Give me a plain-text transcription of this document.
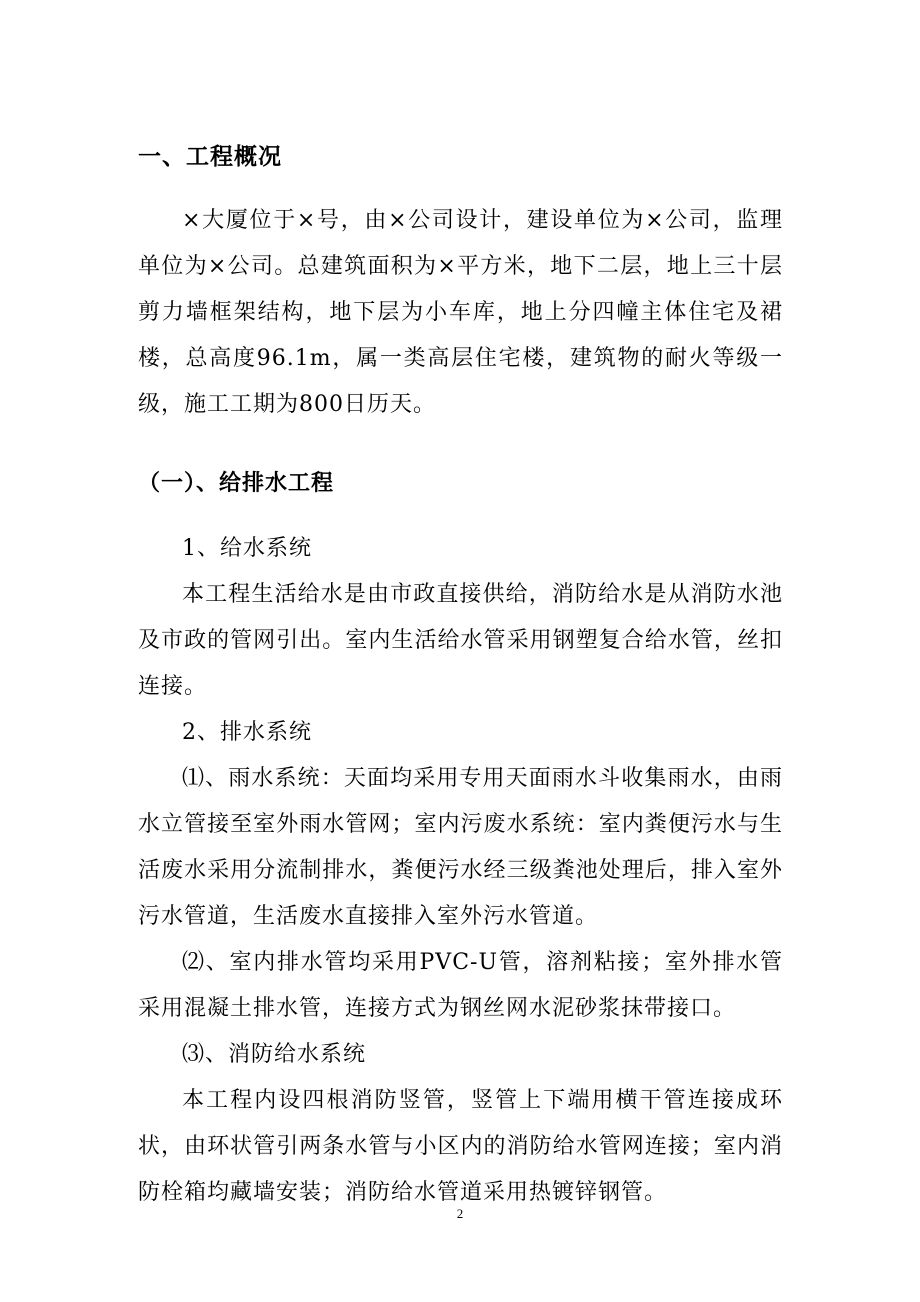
一、工程概况

×大厦位于×号，由×公司设计，建设单位为×公司，监理单位为×公司。总建筑面积为×平方米，地下二层，地上三十层剪力墙框架结构，地下层为小车库，地上分四幢主体住宅及裙楼，总高度96.1m，属一类高层住宅楼，建筑物的耐火等级一级，施工工期为800日历天。

（一）、给排水工程

1、给水系统

本工程生活给水是由市政直接供给，消防给水是从消防水池及市政的管网引出。室内生活给水管采用钢塑复合给水管，丝扣连接。

2、排水系统

⑴、雨水系统：天面均采用专用天面雨水斗收集雨水，由雨水立管接至室外雨水管网；室内污废水系统：室内粪便污水与生活废水采用分流制排水，粪便污水经三级粪池处理后，排入室外污水管道，生活废水直接排入室外污水管道。

⑵、室内排水管均采用PVC-U管，溶剂粘接；室外排水管采用混凝土排水管，连接方式为钢丝网水泥砂浆抹带接口。

⑶、消防给水系统

本工程内设四根消防竖管，竖管上下端用横干管连接成环状，由环状管引两条水管与小区内的消防给水管网连接；室内消防栓箱均藏墙安装；消防给水管道采用热镀锌钢管。

2
